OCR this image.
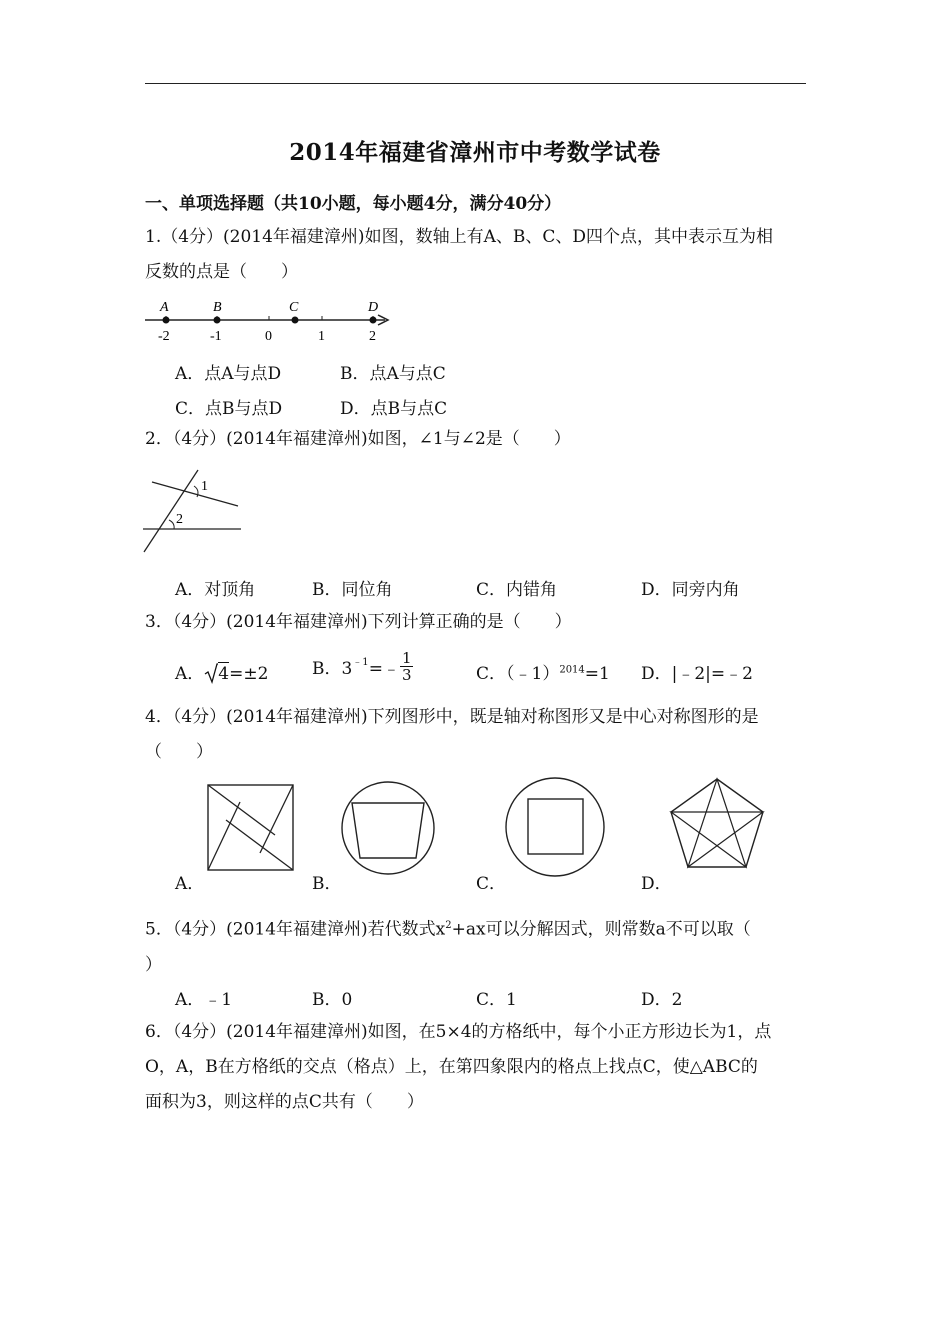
2014年福建省漳州市中考数学试卷
一、单项选择题（共10小题，每小题4分，满分40分）
1.（4分）(2014年福建漳州)如图，数轴上有A、B、C、D四个点，其中表示互为相
反数的点是（　　）
A	B	C	D
-2	-1	0	1	2
A．点A与点D	B．点A与点C
C．点B与点D	D．点B与点C
2．（4分）(2014年福建漳州)如图，∠1与∠2是（　　）
1
2
A．对顶角	B．同位角	C．内错角	D．同旁内角
3．（4分）(2014年福建漳州)下列计算正确的是（　　）
A． 4=±2	B．$3^{﹣1}=﹣ \frac{1}{3}$	C．（﹣1）$^{2014}$=1 D．|﹣2|=﹣2
4．（4分）(2014年福建漳州)下列图形中，既是轴对称图形又是中心对称图形的是
（　　）
A．	B．	C．	D．
5．（4分）(2014年福建漳州)若代数式$x^2+ax$可以分解因式，则常数a不可以取（
）
A．﹣1	B．0	C．1	D．2
6．（4分）(2014年福建漳州)如图，在5×4的方格纸中，每个小正方形边长为1，点
O，A，B在方格纸的交点（格点）上，在第四象限内的格点上找点C，使△ABC的
面积为3，则这样的点C共有（　　）
